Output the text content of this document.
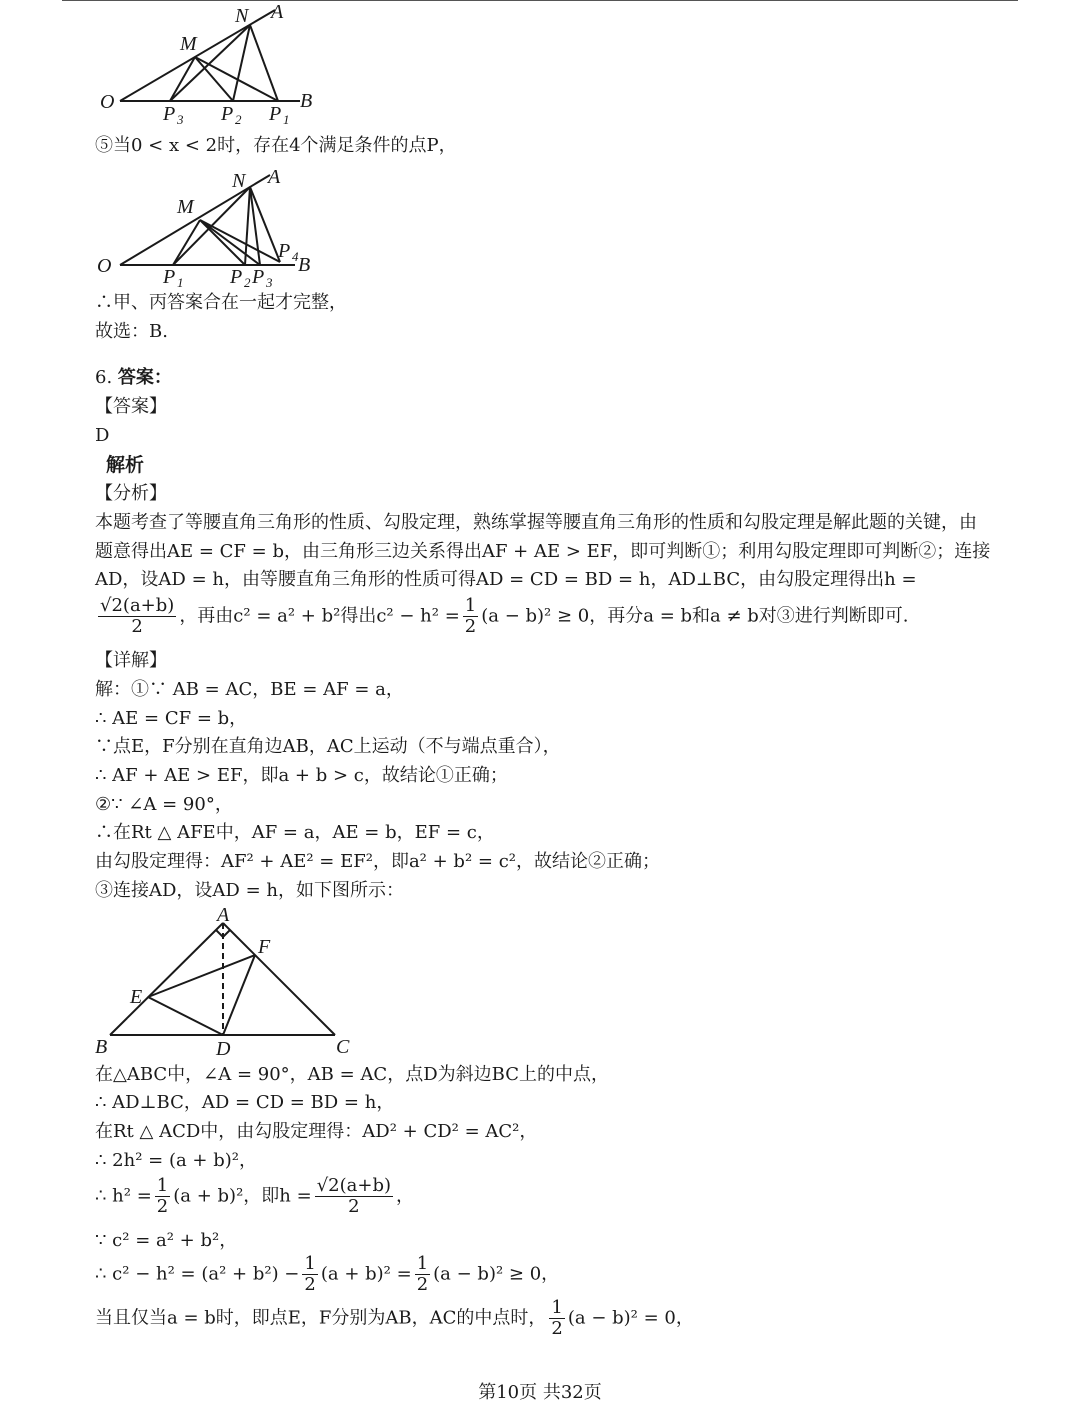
N A
M
O
P 3 P 2 P 1
B
⑤当0 < x < 2时，存在4个满足条件的点P，
N A
M
O	P 1 P 2 P 3
P 4 B
∴甲、丙答案合在一起才完整，
故选：B.
6. 答案：
【答案】
D
解析
【分析】
本题考查了等腰直角三角形的性质、勾股定理，熟练掌握等腰直角三角形的性质和勾股定理是解此题的关键，由
题意得出AE = CF = b，由三角形三边关系得出AF + AE > EF，即可判断①；利用勾股定理即可判断②；连接
AD，设AD = h，由等腰直角三角形的性质可得AD = CD = BD = h，AD⊥BC，由勾股定理得出h =
$\frac{√2(a+b)}{2}$ ，再由c² = a² + b²得出$c^2 - h^2 = \frac{1}{2} (a - b)^2 \ge 0$，再分a = b和a ≠ b对③进行判断即可.
【详解】
解：①∵ AB = AC，BE = AF = a，
∴ AE = CF = b，
∵点E，F分别在直角边AB，AC上运动（不与端点重合），
∴ AF + AE > EF，即a + b > c，故结论①正确；
②∵ ∠A = 90°，
∴在Rt △ AFE中，AF = a，AE = b，EF = c，
由勾股定理得：AF² + AE² = EF²，即a² + b² = c²，故结论②正确；
③连接AD，设AD = h，如下图所示：
A
F
E
B	D	C
在△ABC中，∠A = 90°，AB = AC，点D为斜边BC上的中点，
∴ AD⊥BC，AD = CD = BD = h，
在Rt △ ACD中，由勾股定理得：AD² + CD² = AC²，
∴ 2h² = (a + b)²，
∴ $h^2 = \frac{1}{2} (a + b)^2$，即$h = \frac{√2(a+b)}{2}$ ，
∵ c² = a² + b²，
∴ $c^2 - h^2 = (a^2 + b^2) - \frac{1}{2} (a + b)^2 = \frac{1}{2} (a - b)^2 \ge 0$，
当且仅当a = b时，即点E，F分别为AB，AC的中点时， $\frac{1}{2} (a - b)^2 = 0$，
第10页 共32页
